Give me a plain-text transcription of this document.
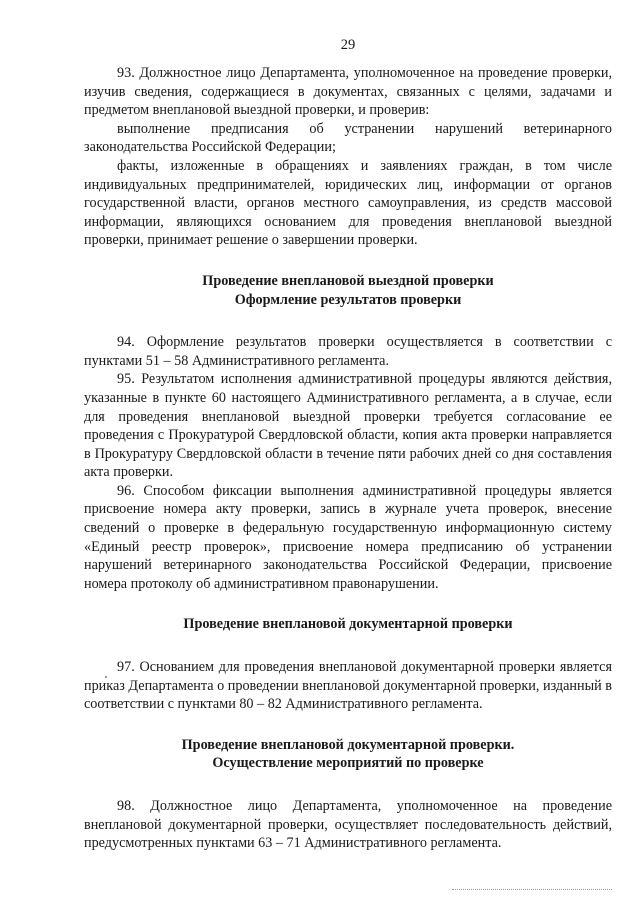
29

93. Должностное лицо Департамента, уполномоченное на проведение проверки, изучив сведения, содержащиеся в документах, связанных с целями, задачами и предметом внеплановой выездной проверки, и проверив:

выполнение предписания об устранении нарушений ветеринарного законодательства Российской Федерации;

факты, изложенные в обращениях и заявлениях граждан, в том числе индивидуальных предпринимателей, юридических лиц, информации от органов государственной власти, органов местного самоуправления, из средств массовой информации, являющихся основанием для проведения внеплановой выездной проверки, принимает решение о завершении проверки.

Проведение внеплановой выездной проверки

Оформление результатов проверки

94. Оформление результатов проверки осуществляется в соответствии с пунктами 51 – 58 Административного регламента.

95. Результатом исполнения административной процедуры являются действия, указанные в пункте 60 настоящего Административного регламента, а в случае, если для проведения внеплановой выездной проверки требуется согласование ее проведения с Прокуратурой Свердловской области, копия акта проверки направляется в Прокуратуру Свердловской области в течение пяти рабочих дней со дня составления акта проверки.

96. Способом фиксации выполнения административной процедуры является присвоение номера акту проверки, запись в журнале учета проверок, внесение сведений о проверке в федеральную государственную информационную систему «Единый реестр проверок», присвоение номера предписанию об устранении нарушений ветеринарного законодательства Российской Федерации, присвоение номера протоколу об административном правонарушении.

Проведение внеплановой документарной проверки

97. Основанием для проведения внеплановой документарной проверки является приказ Департамента о проведении внеплановой документарной проверки, изданный в соответствии с пунктами 80 – 82 Административного регламента.

Проведение внеплановой документарной проверки.

Осуществление мероприятий по проверке

98. Должностное лицо Департамента, уполномоченное на проведение внеплановой документарной проверки, осуществляет последовательность действий, предусмотренных пунктами 63 – 71 Административного регламента.
